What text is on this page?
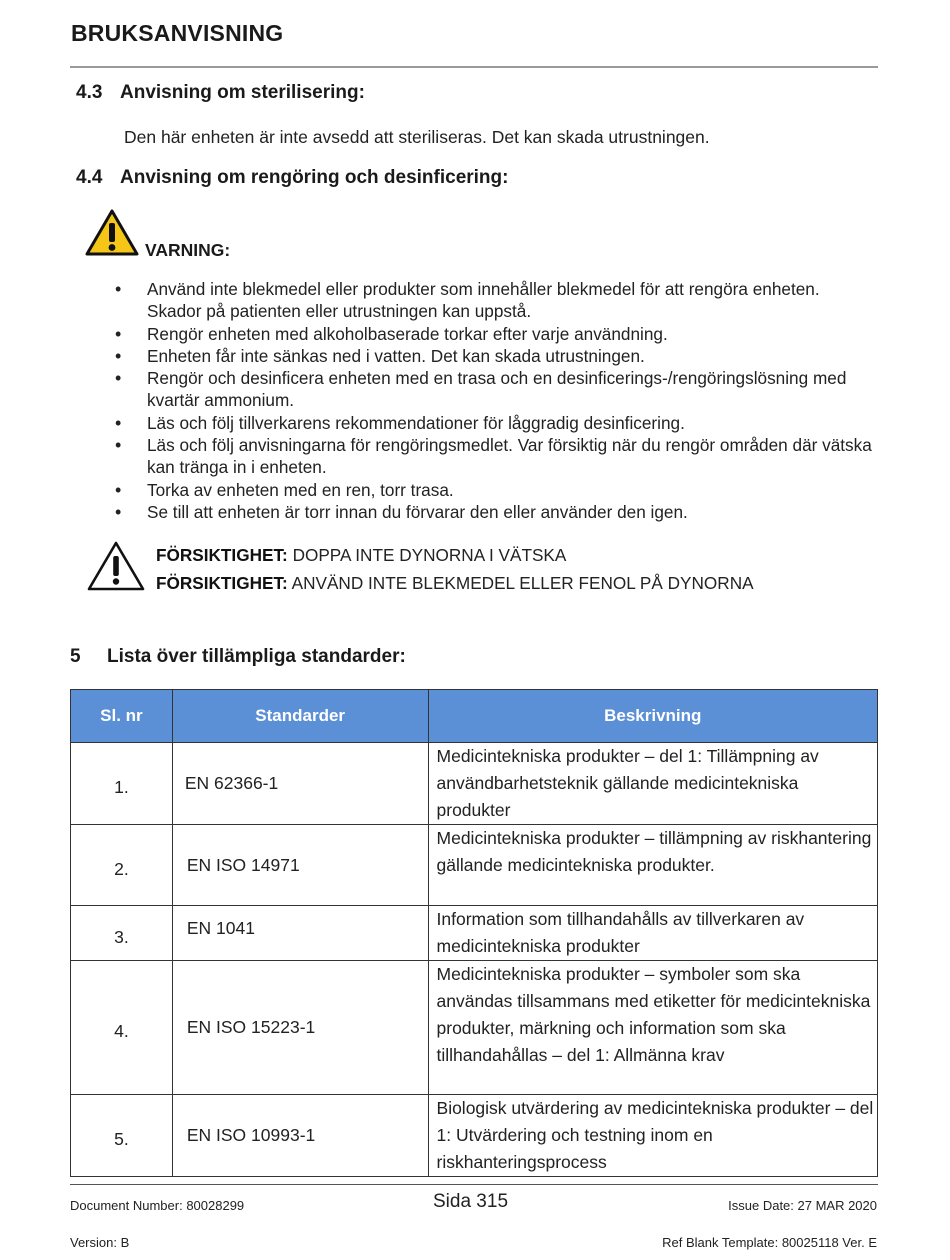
BRUKSANVISNING
4.3 Anvisning om sterilisering:
Den här enheten är inte avsedd att steriliseras. Det kan skada utrustningen.
4.4 Anvisning om rengöring och desinficering:
VARNING:
• Använd inte blekmedel eller produkter som innehåller blekmedel för att rengöra enheten. Skador på patienten eller utrustningen kan uppstå.
• Rengör enheten med alkoholbaserade torkar efter varje användning.
• Enheten får inte sänkas ned i vatten. Det kan skada utrustningen.
• Rengör och desinficera enheten med en trasa och en desinficerings-/rengöringslösning med kvartär ammonium.
• Läs och följ tillverkarens rekommendationer för låggradig desinficering.
• Läs och följ anvisningarna för rengöringsmedlet. Var försiktig när du rengör områden där vätska kan tränga in i enheten.
• Torka av enheten med en ren, torr trasa.
• Se till att enheten är torr innan du förvarar den eller använder den igen.
FÖRSIKTIGHET: DOPPA INTE DYNORNA I VÄTSKA
FÖRSIKTIGHET: ANVÄND INTE BLEKMEDEL ELLER FENOL PÅ DYNORNA
5 Lista över tillämpliga standarder:
Sl. nr	Standarder	Beskrivning
1.	EN 62366-1	Medicintekniska produkter – del 1: Tillämpning av användbarhetsteknik gällande medicintekniska produkter
2.	EN ISO 14971	Medicintekniska produkter – tillämpning av riskhantering gällande medicintekniska produkter.
3.	EN 1041	Information som tillhandahålls av tillverkaren av medicintekniska produkter
4.	EN ISO 15223-1	Medicintekniska produkter – symboler som ska användas tillsammans med etiketter för medicintekniska produkter, märkning och information som ska tillhandahållas – del 1: Allmänna krav
5.	EN ISO 10993-1	Biologisk utvärdering av medicintekniska produkter – del 1: Utvärdering och testning inom en riskhanteringsprocess
Document Number: 80028299	Sida 315	Issue Date: 27 MAR 2020
Version: B	Ref Blank Template: 80025118 Ver. E
